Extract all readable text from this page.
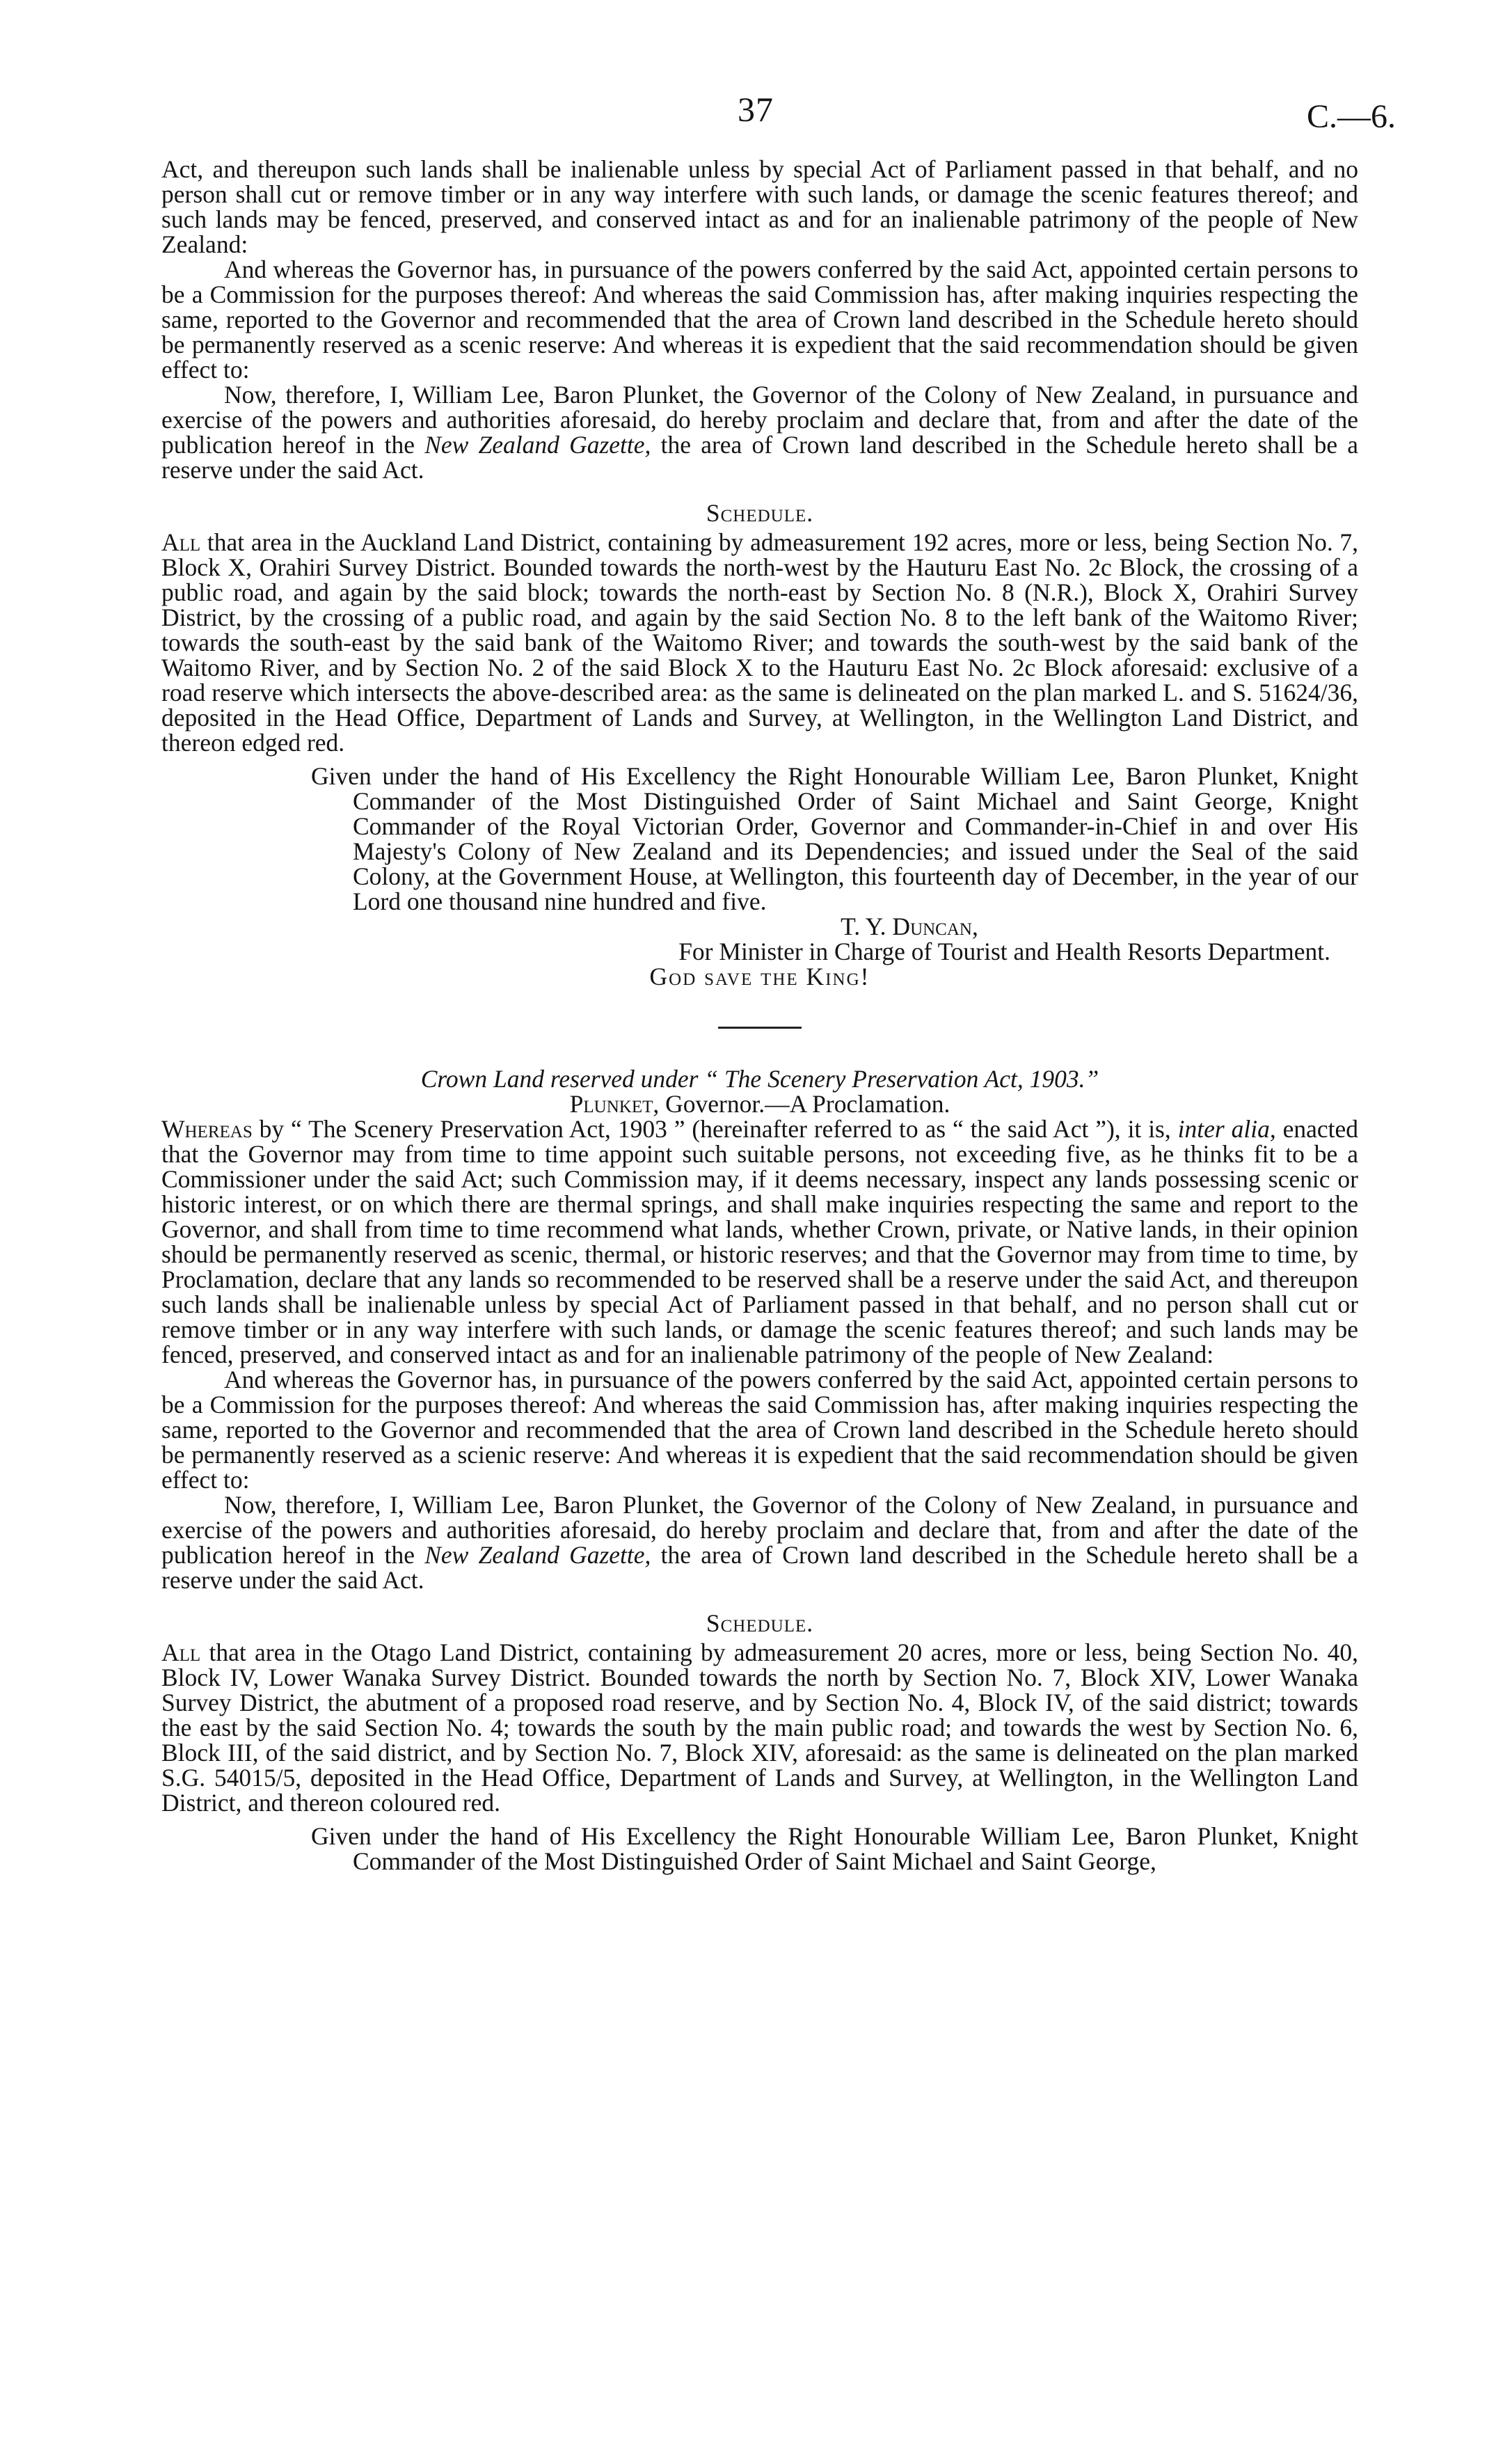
37	C.—6.

Act, and thereupon such lands shall be inalienable unless by special Act of Parliament passed in that behalf, and no person shall cut or remove timber or in any way interfere with such lands, or damage the scenic features thereof; and such lands may be fenced, preserved, and conserved intact as and for an inalienable patrimony of the people of New Zealand:

And whereas the Governor has, in pursuance of the powers conferred by the said Act, appointed certain persons to be a Commission for the purposes thereof: And whereas the said Commission has, after making inquiries respecting the same, reported to the Governor and recommended that the area of Crown land described in the Schedule hereto should be permanently reserved as a scenic reserve: And whereas it is expedient that the said recommendation should be given effect to:

Now, therefore, I, William Lee, Baron Plunket, the Governor of the Colony of New Zealand, in pursuance and exercise of the powers and authorities aforesaid, do hereby proclaim and declare that, from and after the date of the publication hereof in the New Zealand Gazette, the area of Crown land described in the Schedule hereto shall be a reserve under the said Act.

Schedule.

All that area in the Auckland Land District, containing by admeasurement 192 acres, more or less, being Section No. 7, Block X, Orahiri Survey District. Bounded towards the north-west by the Hauturu East No. 2c Block, the crossing of a public road, and again by the said block; towards the north-east by Section No. 8 (N.R.), Block X, Orahiri Survey District, by the crossing of a public road, and again by the said Section No. 8 to the left bank of the Waitomo River; towards the south-east by the said bank of the Waitomo River; and towards the south-west by the said bank of the Waitomo River, and by Section No. 2 of the said Block X to the Hauturu East No. 2c Block aforesaid: exclusive of a road reserve which intersects the above-described area: as the same is delineated on the plan marked L. and S. 51624/36, deposited in the Head Office, Department of Lands and Survey, at Wellington, in the Wellington Land District, and thereon edged red.

Given under the hand of His Excellency the Right Honourable William Lee, Baron Plunket, Knight Commander of the Most Distinguished Order of Saint Michael and Saint George, Knight Commander of the Royal Victorian Order, Governor and Commander-in-Chief in and over His Majesty's Colony of New Zealand and its Dependencies; and issued under the Seal of the said Colony, at the Government House, at Wellington, this fourteenth day of December, in the year of our Lord one thousand nine hundred and five.

T. Y. Duncan,
For Minister in Charge of Tourist and Health Resorts Department.
God save the King!
Crown Land reserved under “ The Scenery Preservation Act, 1903.”
Plunket, Governor.—A Proclamation.

Whereas by “ The Scenery Preservation Act, 1903 ” (hereinafter referred to as “ the said Act ”), it is, inter alia, enacted that the Governor may from time to time appoint such suitable persons, not exceeding five, as he thinks fit to be a Commissioner under the said Act; such Commission may, if it deems necessary, inspect any lands possessing scenic or historic interest, or on which there are thermal springs, and shall make inquiries respecting the same and report to the Governor, and shall from time to time recommend what lands, whether Crown, private, or Native lands, in their opinion should be permanently reserved as scenic, thermal, or historic reserves; and that the Governor may from time to time, by Proclamation, declare that any lands so recommended to be reserved shall be a reserve under the said Act, and thereupon such lands shall be inalienable unless by special Act of Parliament passed in that behalf, and no person shall cut or remove timber or in any way interfere with such lands, or damage the scenic features thereof; and such lands may be fenced, preserved, and conserved intact as and for an inalienable patrimony of the people of New Zealand:

And whereas the Governor has, in pursuance of the powers conferred by the said Act, appointed certain persons to be a Commission for the purposes thereof: And whereas the said Commission has, after making inquiries respecting the same, reported to the Governor and recommended that the area of Crown land described in the Schedule hereto should be permanently reserved as a scienic reserve: And whereas it is expedient that the said recommendation should be given effect to:

Now, therefore, I, William Lee, Baron Plunket, the Governor of the Colony of New Zealand, in pursuance and exercise of the powers and authorities aforesaid, do hereby proclaim and declare that, from and after the date of the publication hereof in the New Zealand Gazette, the area of Crown land described in the Schedule hereto shall be a reserve under the said Act.

Schedule.

All that area in the Otago Land District, containing by admeasurement 20 acres, more or less, being Section No. 40, Block IV, Lower Wanaka Survey District. Bounded towards the north by Section No. 7, Block XIV, Lower Wanaka Survey District, the abutment of a proposed road reserve, and by Section No. 4, Block IV, of the said district; towards the east by the said Section No. 4; towards the south by the main public road; and towards the west by Section No. 6, Block III, of the said district, and by Section No. 7, Block XIV, aforesaid: as the same is delineated on the plan marked S.G. 54015/5, deposited in the Head Office, Department of Lands and Survey, at Wellington, in the Wellington Land District, and thereon coloured red.

Given under the hand of His Excellency the Right Honourable William Lee, Baron Plunket, Knight Commander of the Most Distinguished Order of Saint Michael and Saint George,
